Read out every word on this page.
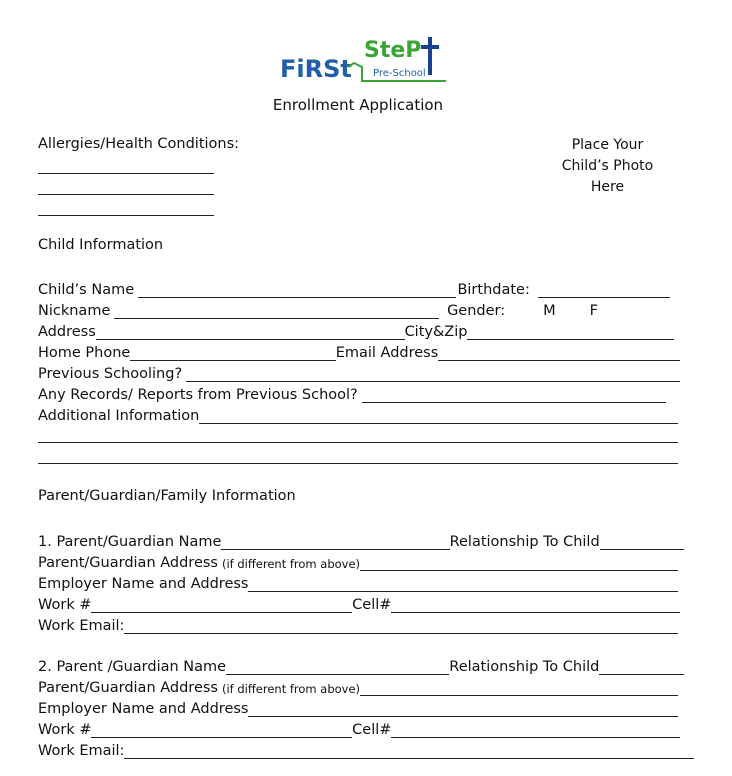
FiRSt
SteP
Pre-School
Enrollment Application
Allergies/Health Conditions:	Place Your
Child’s Photo
Here
Child Information
Child’s Name	Birthdate:
Nickname	Gender:	M F
Address	City&Zip
Home Phone	Email Address
Previous Schooling?
Any Records/ Reports from Previous School?
Additional Information
Parent/Guardian/Family Information
1. Parent/Guardian Name	Relationship To Child
Parent/Guardian Address (if different from above)
Employer Name and Address
Work #	Cell#
Work Email:
2. Parent /Guardian Name	Relationship To Child
Parent/Guardian Address (if different from above)
Employer Name and Address
Work #	Cell#
Work Email:
